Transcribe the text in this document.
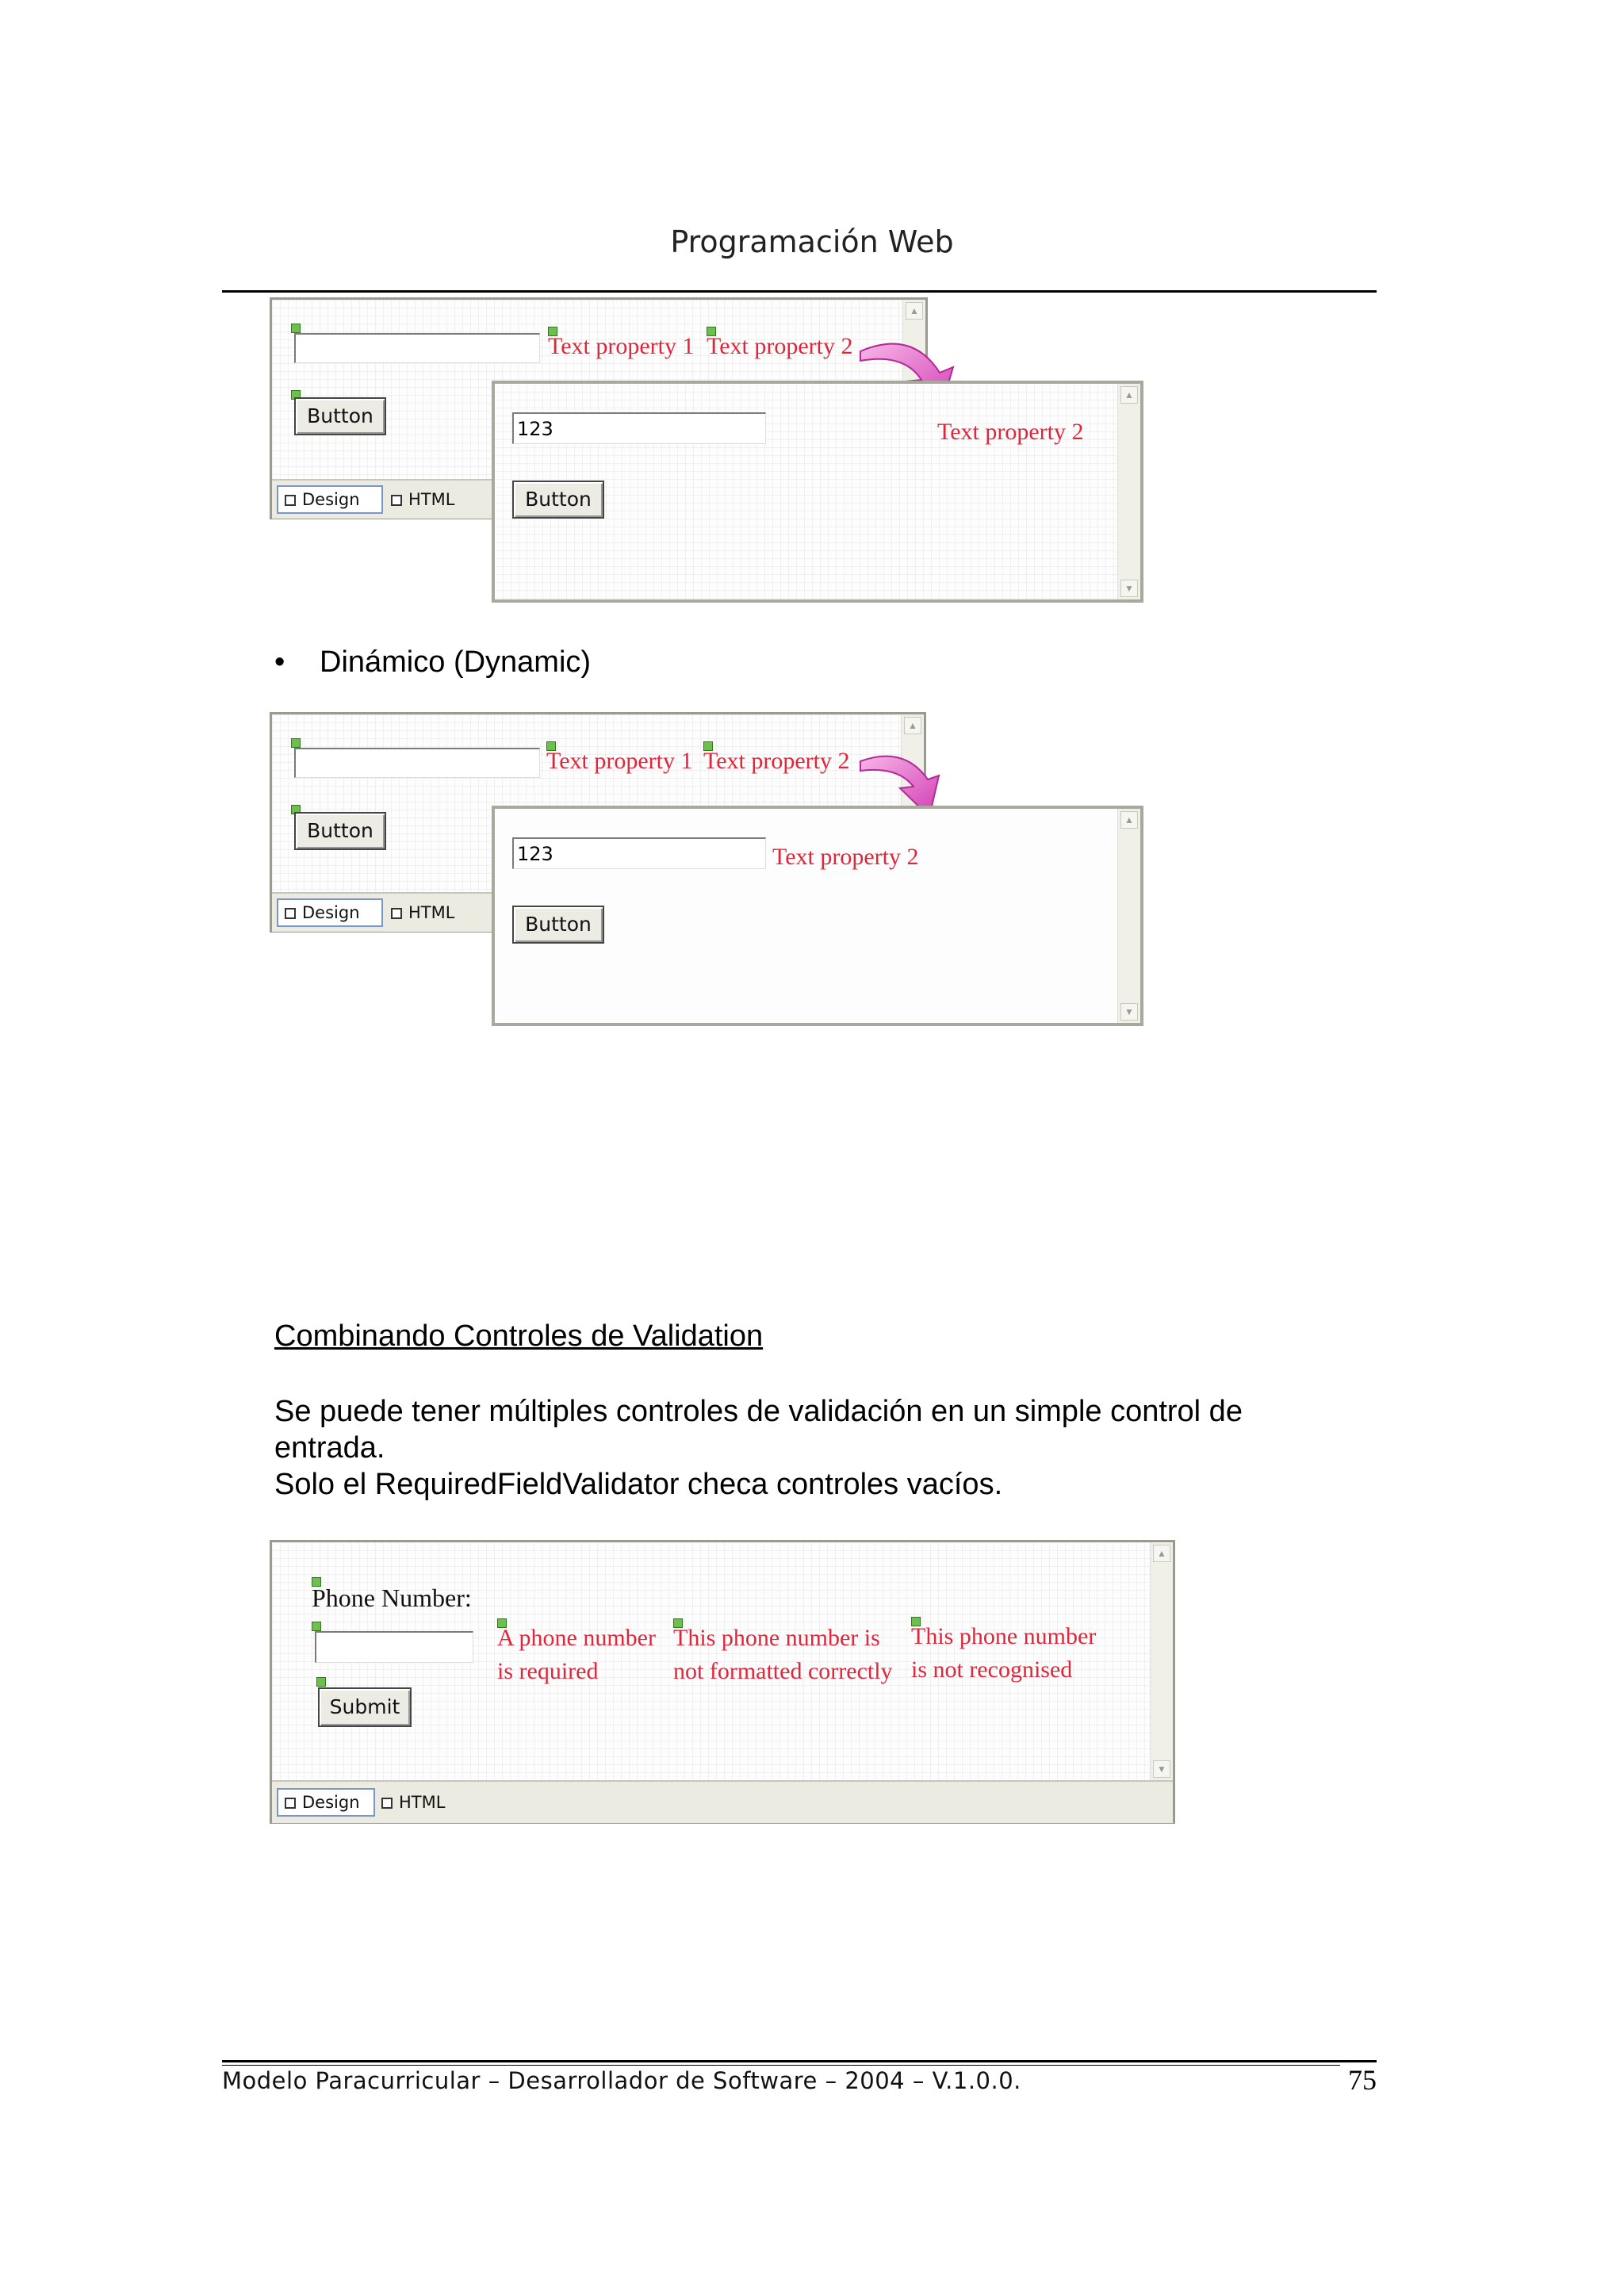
Programación Web
▲
Text property 1 Text property 2
Button
Design	HTML
▲
▼
123	Text property 2
Button
• Dinámico (Dynamic)
▲
Text property 1 Text property 2
Button
Design	HTML
▲
▼
123	Text property 2
Button
Combinando Controles de Validation
Se puede tener múltiples controles de validación en un simple control de
entrada.
Solo el RequiredFieldValidator checa controles vacíos.
▲
▼
Phone Number:
Submit
A phone number
is required
This phone number is
not formatted correctly
This phone number
is not recognised
Design	HTML
Modelo Paracurricular – Desarrollador de Software – 2004 – V.1.0.0.	75
